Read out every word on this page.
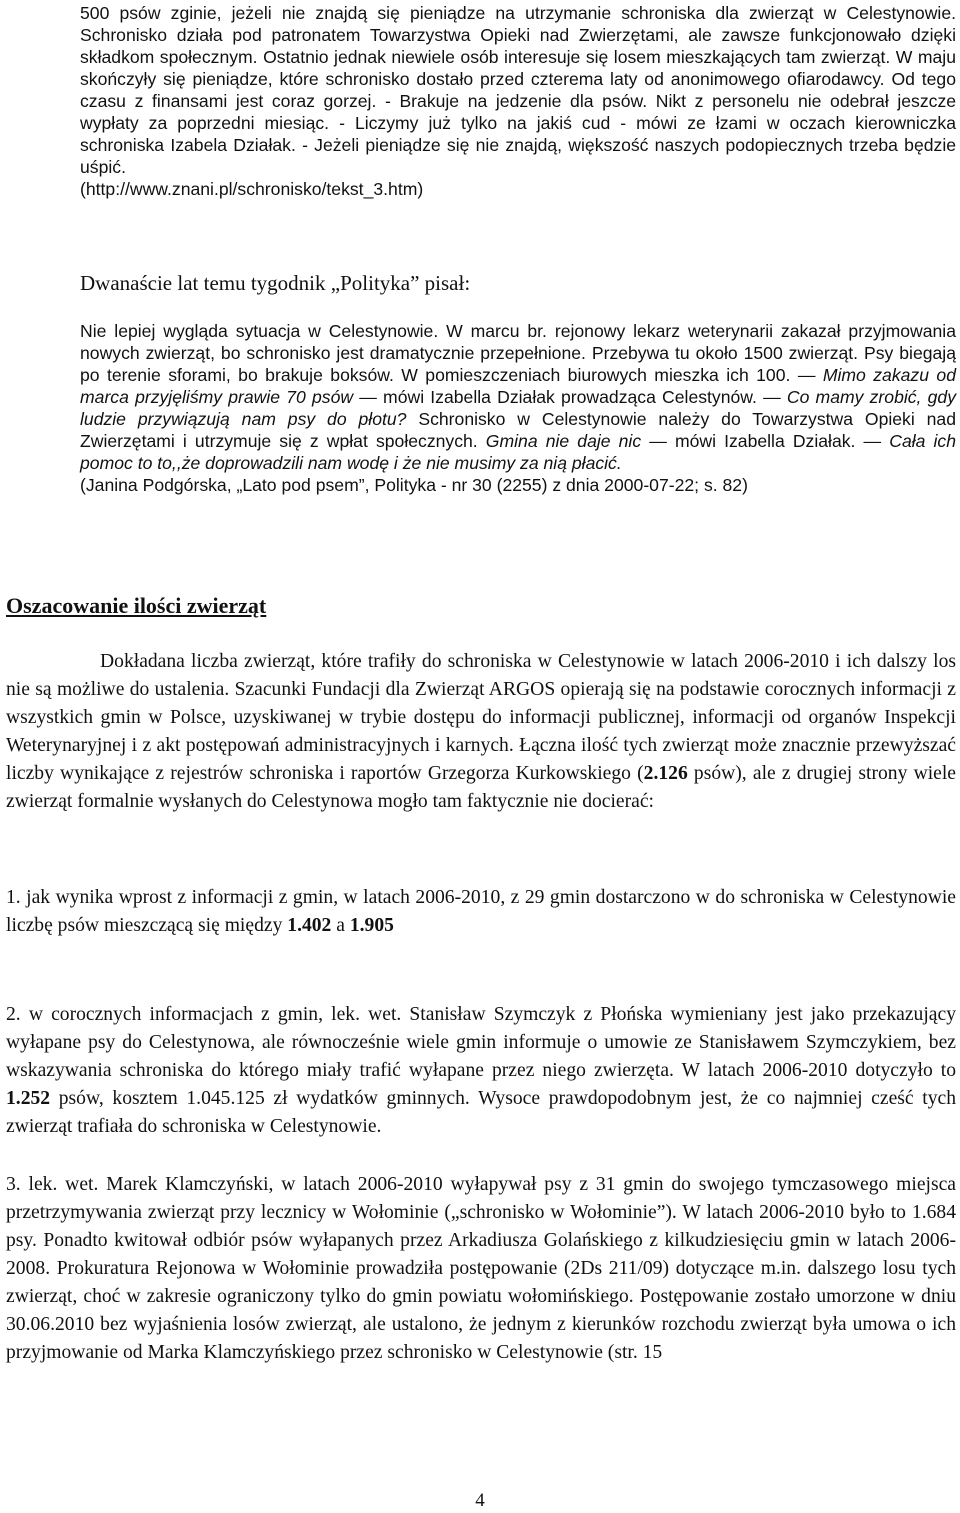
500 psów zginie, jeżeli nie znajdą się pieniądze na utrzymanie schroniska dla zwierząt w Celestynowie. Schronisko działa pod patronatem Towarzystwa Opieki nad Zwierzętami, ale zawsze funkcjonowało dzięki składkom społecznym. Ostatnio jednak niewiele osób interesuje się losem mieszkających tam zwierząt. W maju skończyły się pieniądze, które schronisko dostało przed czterema laty od anonimowego ofiarodawcy. Od tego czasu z finansami jest coraz gorzej. - Brakuje na jedzenie dla psów. Nikt z personelu nie odebrał jeszcze wypłaty za poprzedni miesiąc. - Liczymy już tylko na jakiś cud - mówi ze łzami w oczach kierowniczka schroniska Izabela Działak. - Jeżeli pieniądze się nie znajdą, większość naszych podopiecznych trzeba będzie uśpić.
(http://www.znani.pl/schronisko/tekst_3.htm)

Dwanaście lat temu tygodnik „Polityka” pisał:

Nie lepiej wygląda sytuacja w Celestynowie. W marcu br. rejonowy lekarz weterynarii zakazał przyjmowania nowych zwierząt, bo schronisko jest dramatycznie przepełnione. Przebywa tu około 1500 zwierząt. Psy biegają po terenie sforami, bo brakuje boksów. W pomieszczeniach biurowych mieszka ich 100. — Mimo zakazu od marca przyjęliśmy prawie 70 psów — mówi Izabella Działak prowadząca Celestynów. — Co mamy zrobić, gdy ludzie przywiązują nam psy do płotu? Schronisko w Celestynowie należy do Towarzystwa Opieki nad Zwierzętami i utrzymuje się z wpłat społecznych. Gmina nie daje nic — mówi Izabella Działak. — Cała ich pomoc to to,,że doprowadzili nam wodę i że nie musimy za nią płacić.
(Janina Podgórska, „Lato pod psem”, Polityka - nr 30 (2255) z dnia 2000-07-22; s. 82)

Oszacowanie ilości zwierząt

Dokładana liczba zwierząt, które trafiły do schroniska w Celestynowie w latach 2006-2010 i ich dalszy los nie są możliwe do ustalenia. Szacunki Fundacji dla Zwierząt ARGOS opierają się na podstawie corocznych informacji z wszystkich gmin w Polsce, uzyskiwanej w trybie dostępu do informacji publicznej, informacji od organów Inspekcji Weterynaryjnej i z akt postępowań administracyjnych i karnych. Łączna ilość tych zwierząt może znacznie przewyższać liczby wynikające z rejestrów schroniska i raportów Grzegorza Kurkowskiego (2.126 psów), ale z drugiej strony wiele zwierząt formalnie wysłanych do Celestynowa mogło tam faktycznie nie docierać:

1. jak wynika wprost z informacji z gmin, w latach 2006-2010, z 29 gmin dostarczono w do schroniska w Celestynowie liczbę psów mieszczącą się między 1.402 a 1.905

2. w corocznych informacjach z gmin, lek. wet. Stanisław Szymczyk z Płońska wymieniany jest jako przekazujący wyłapane psy do Celestynowa, ale równocześnie wiele gmin informuje o umowie ze Stanisławem Szymczykiem, bez wskazywania schroniska do którego miały trafić wyłapane przez niego zwierzęta. W latach 2006-2010 dotyczyło to 1.252 psów, kosztem 1.045.125 zł wydatków gminnych. Wysoce prawdopodobnym jest, że co najmniej cześć tych zwierząt trafiała do schroniska w Celestynowie.

3. lek. wet. Marek Klamczyński, w latach 2006-2010 wyłapywał psy z 31 gmin do swojego tymczasowego miejsca przetrzymywania zwierząt przy lecznicy w Wołominie („schronisko w Wołominie”). W latach 2006-2010 było to 1.684 psy. Ponadto kwitował odbiór psów wyłapanych przez Arkadiusza Golańskiego z kilkudziesięciu gmin w latach 2006-2008. Prokuratura Rejonowa w Wołominie prowadziła postępowanie (2Ds 211/09) dotyczące m.in. dalszego losu tych zwierząt, choć w zakresie ograniczony tylko do gmin powiatu wołomińskiego. Postępowanie zostało umorzone w dniu 30.06.2010 bez wyjaśnienia losów zwierząt, ale ustalono, że jednym z kierunków rozchodu zwierząt była umowa o ich przyjmowanie od Marka Klamczyńskiego przez schronisko w Celestynowie (str. 15

4
